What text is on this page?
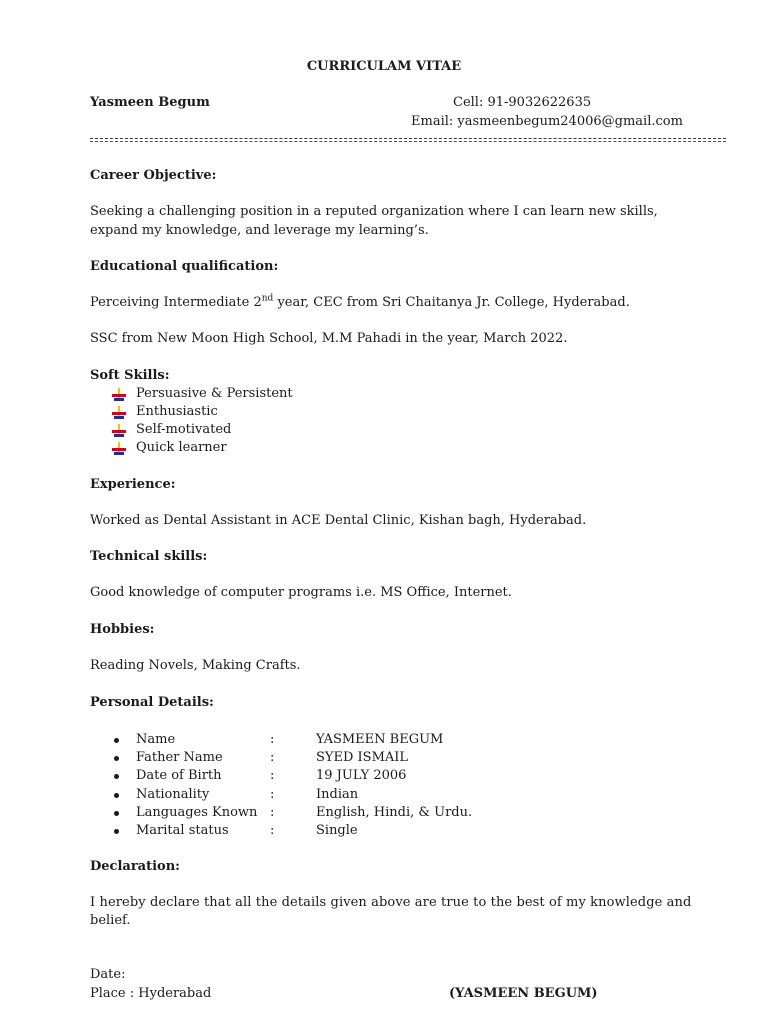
CURRICULAM VITAE
Yasmeen Begum	Cell: 91-9032622635
Email: yasmeenbegum24006@gmail.com
Career Objective:
Seeking a challenging position in a reputed organization where I can learn new skills,
expand my knowledge, and leverage my learning’s.
Educational qualification:
Perceiving Intermediate 2nd year, CEC from Sri Chaitanya Jr. College, Hyderabad.
SSC from New Moon High School, M.M Pahadi in the year, March 2022.
Soft Skills:
Persuasive & Persistent
Enthusiastic
Self-motivated
Quick learner
Experience:
Worked as Dental Assistant in ACE Dental Clinic, Kishan bagh, Hyderabad.
Technical skills:
Good knowledge of computer programs i.e. MS Office, Internet.
Hobbies:
Reading Novels, Making Crafts.
Personal Details:
Name	:	YASMEEN BEGUM
Father Name	:	SYED ISMAIL
Date of Birth	:	19 JULY 2006
Nationality	:	Indian
Languages Known :	English, Hindi, & Urdu.
Marital status	:	Single
Declaration:
I hereby declare that all the details given above are true to the best of my knowledge and
belief.
Date:
Place : Hyderabad	(YASMEEN BEGUM)
